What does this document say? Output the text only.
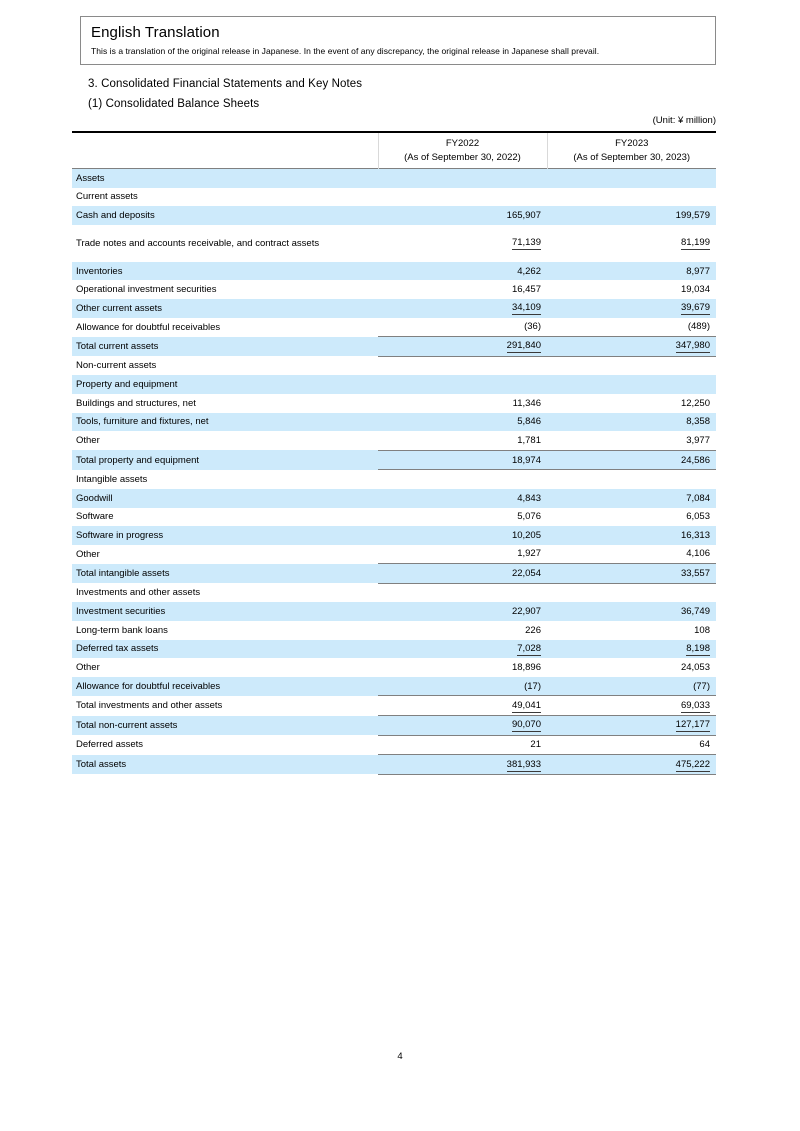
English Translation
This is a translation of the original release in Japanese. In the event of any discrepancy, the original release in Japanese shall prevail.
3. Consolidated Financial Statements and Key Notes
(1) Consolidated Balance Sheets
(Unit: ¥ million)

FY2022
(As of September 30, 2022)

FY2023
(As of September 30, 2023)

Assets		
Current assets		
Cash and deposits	165,907	199,579
Trade notes and accounts receivable, and contract assets	71,139	81,199
Inventories	4,262	8,977
Operational investment securities	16,457	19,034
Other current assets	34,109	39,679
Allowance for doubtful receivables	(36)	(489)
Total current assets	291,840	347,980
Non-current assets		
Property and equipment		
Buildings and structures, net	11,346	12,250
Tools, furniture and fixtures, net	5,846	8,358
Other	1,781	3,977
Total property and equipment	18,974	24,586
Intangible assets		
Goodwill	4,843	7,084
Software	5,076	6,053
Software in progress	10,205	16,313
Other	1,927	4,106
Total intangible assets	22,054	33,557
Investments and other assets		
Investment securities	22,907	36,749
Long-term bank loans	226	108
Deferred tax assets	7,028	8,198
Other	18,896	24,053
Allowance for doubtful receivables	(17)	(77)
Total investments and other assets	49,041	69,033
Total non-current assets	90,070	127,177
Deferred assets	21	64
Total assets	381,933	475,222
4
